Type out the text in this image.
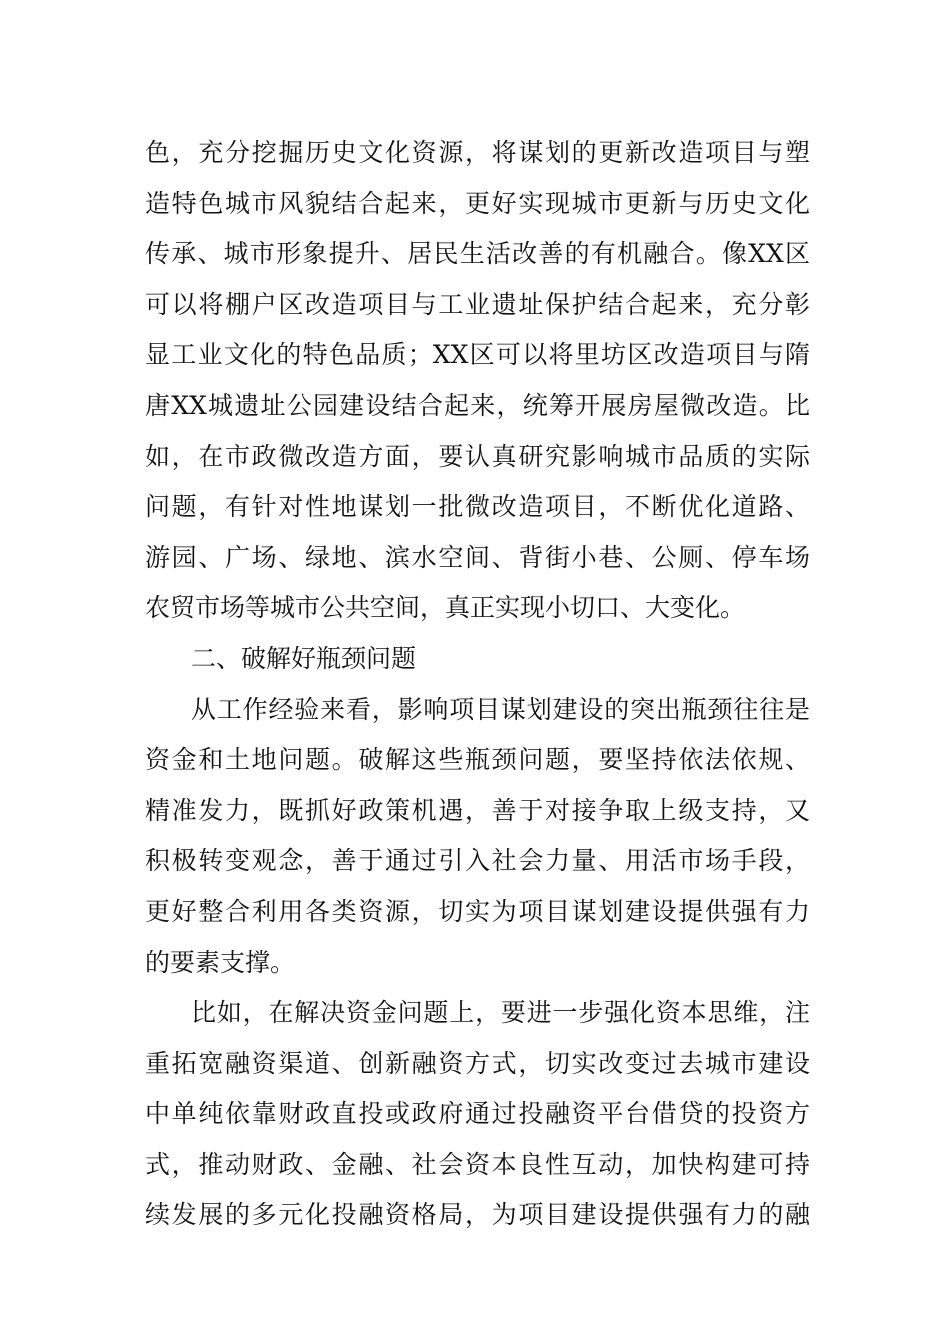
色，充分挖掘历史文化资源，将谋划的更新改造项目与塑
造特色城市风貌结合起来，更好实现城市更新与历史文化
传承、城市形象提升、居民生活改善的有机融合。像XX区
可以将棚户区改造项目与工业遗址保护结合起来，充分彰
显工业文化的特色品质；XX区可以将里坊区改造项目与隋
唐XX城遗址公园建设结合起来，统筹开展房屋微改造。比
如，在市政微改造方面，要认真研究影响城市品质的实际
问题，有针对性地谋划一批微改造项目，不断优化道路、
游园、广场、绿地、滨水空间、背街小巷、公厕、停车场
农贸市场等城市公共空间，真正实现小切口、大变化。
二、破解好瓶颈问题
从工作经验来看，影响项目谋划建设的突出瓶颈往往是
资金和土地问题。破解这些瓶颈问题，要坚持依法依规、
精准发力，既抓好政策机遇，善于对接争取上级支持，又
积极转变观念，善于通过引入社会力量、用活市场手段，
更好整合利用各类资源，切实为项目谋划建设提供强有力
的要素支撑。
比如，在解决资金问题上，要进一步强化资本思维，注
重拓宽融资渠道、创新融资方式，切实改变过去城市建设
中单纯依靠财政直投或政府通过投融资平台借贷的投资方
式，推动财政、金融、社会资本良性互动，加快构建可持
续发展的多元化投融资格局，为项目建设提供强有力的融
